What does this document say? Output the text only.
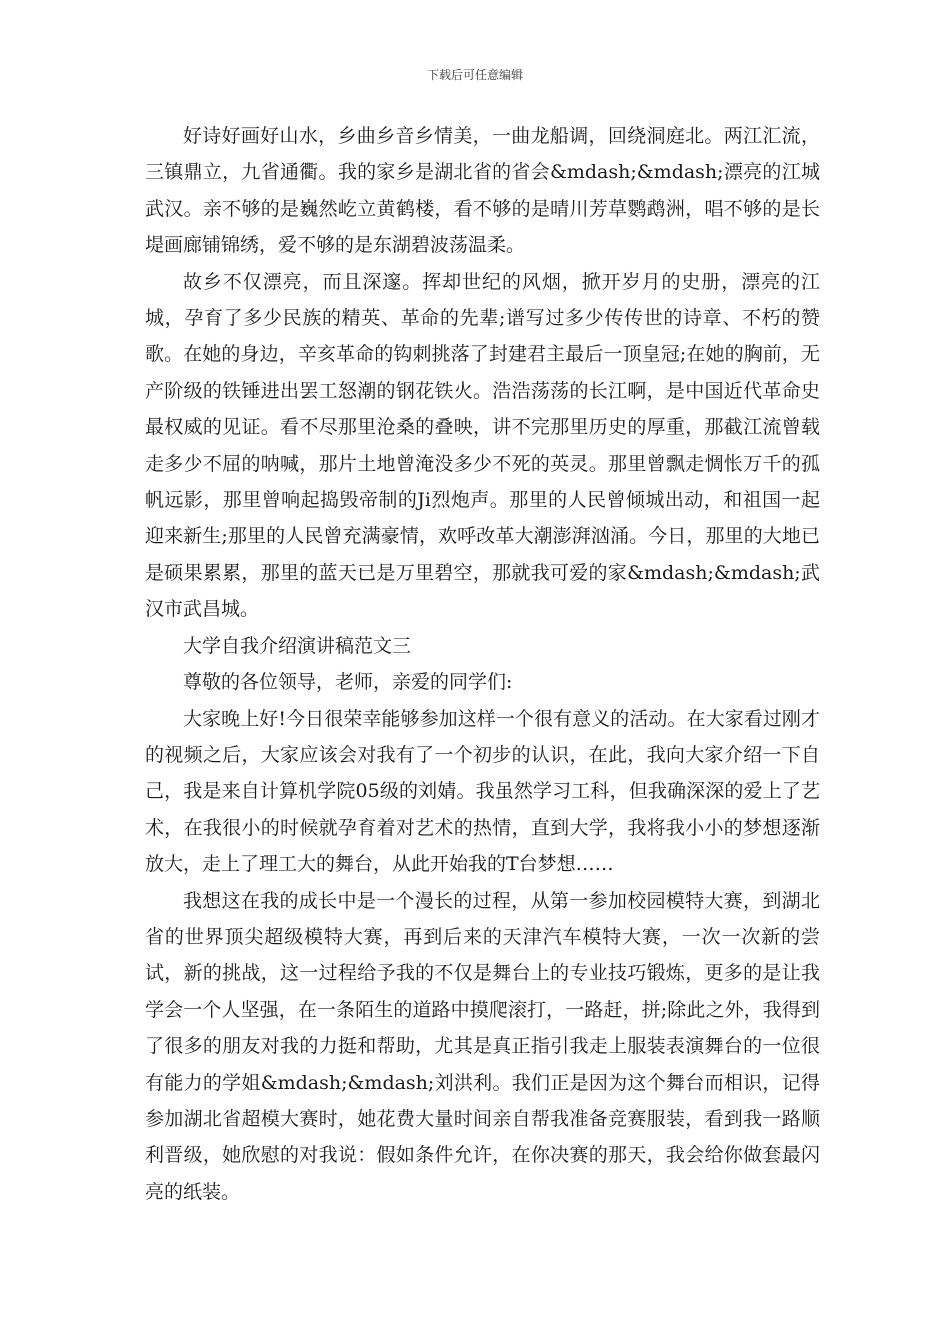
下载后可任意编辑

好诗好画好山水，乡曲乡音乡情美，一曲龙船调，回绕洞庭北。两江汇流，三镇鼎立，九省通衢。我的家乡是湖北省的省会&mdash;&mdash;漂亮的江城武汉。亲不够的是巍然屹立黄鹤楼，看不够的是晴川芳草鹦鹉洲，唱不够的是长堤画廊铺锦绣，爱不够的是东湖碧波荡温柔。

故乡不仅漂亮，而且深邃。挥却世纪的风烟，掀开岁月的史册，漂亮的江城，孕育了多少民族的精英、革命的先辈;谱写过多少传传世的诗章、不朽的赞歌。在她的身边，辛亥革命的钩刺挑落了封建君主最后一顶皇冠;在她的胸前，无产阶级的铁锤进出罢工怒潮的钢花铁火。浩浩荡荡的长江啊，是中国近代革命史最权威的见证。看不尽那里沧桑的叠映，讲不完那里历史的厚重，那截江流曾载走多少不屈的呐喊，那片土地曾淹没多少不死的英灵。那里曾飘走惆怅万千的孤帆远影，那里曾响起捣毁帝制的Ji烈炮声。那里的人民曾倾城出动，和祖国一起迎来新生;那里的人民曾充满豪情，欢呼改革大潮澎湃汹涌。今日，那里的大地已是硕果累累，那里的蓝天已是万里碧空，那就我可爱的家&mdash;&mdash;武汉市武昌城。

大学自我介绍演讲稿范文三

尊敬的各位领导，老师，亲爱的同学们:

大家晚上好!今日很荣幸能够参加这样一个很有意义的活动。在大家看过刚才的视频之后，大家应该会对我有了一个初步的认识，在此，我向大家介绍一下自己，我是来自计算机学院05级的刘婧。我虽然学习工科，但我确深深的爱上了艺术，在我很小的时候就孕育着对艺术的热情，直到大学，我将我小小的梦想逐渐放大，走上了理工大的舞台，从此开始我的T台梦想……

我想这在我的成长中是一个漫长的过程，从第一参加校园模特大赛，到湖北省的世界顶尖超级模特大赛，再到后来的天津汽车模特大赛，一次一次新的尝试，新的挑战，这一过程给予我的不仅是舞台上的专业技巧锻炼，更多的是让我学会一个人坚强，在一条陌生的道路中摸爬滚打，一路赶，拼;除此之外，我得到了很多的朋友对我的力挺和帮助，尤其是真正指引我走上服装表演舞台的一位很有能力的学姐&mdash;&mdash;刘洪利。我们正是因为这个舞台而相识，记得参加湖北省超模大赛时，她花费大量时间亲自帮我准备竞赛服装，看到我一路顺利晋级，她欣慰的对我说：假如条件允许，在你决赛的那天，我会给你做套最闪亮的纸装。
